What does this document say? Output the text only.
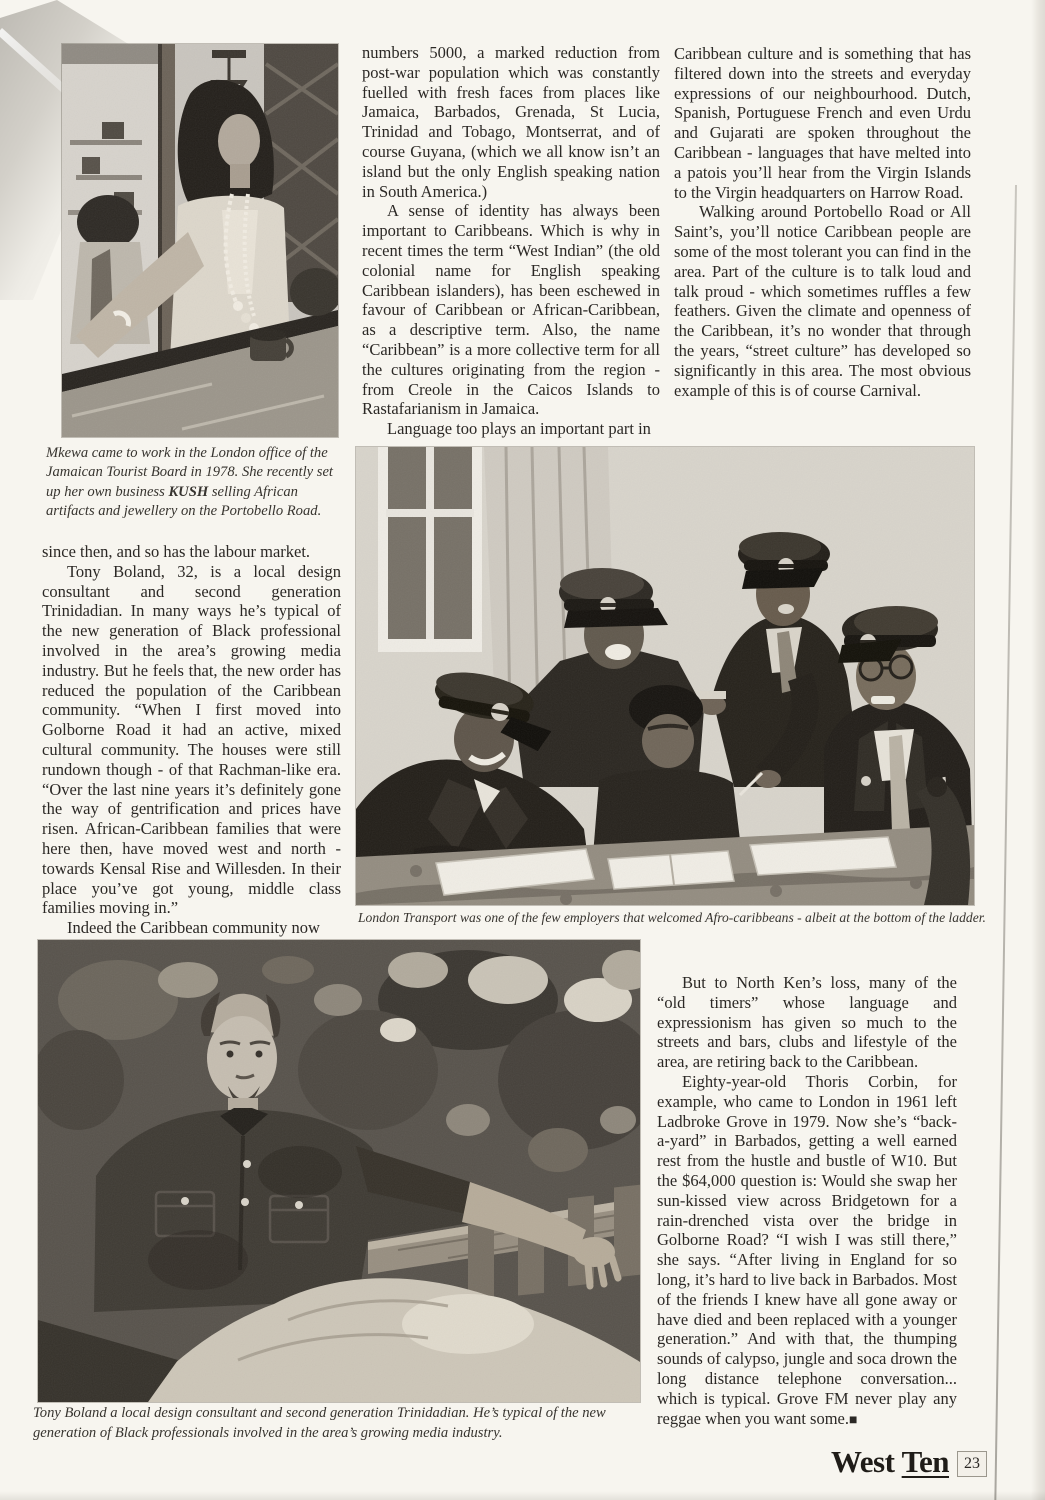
Mkewa came to work in the London office of the Jamaican Tourist Board in 1978. She recently set up her own business KUSH selling African artifacts and jewellery on the Portobello Road.

numbers 5000, a marked reduction from post-war population which was constantly fuelled with fresh faces from places like Jamaica, Barbados, Grenada, St Lucia, Trinidad and Tobago, Montserrat, and of course Guyana, (which we all know isn’t an island but the only English speaking nation in South America.)

A sense of identity has always been important to Caribbeans. Which is why in recent times the term “West Indian” (the old colonial name for English speaking Caribbean islanders), has been eschewed in favour of Caribbean or African-Caribbean, as a descriptive term. Also, the name “Caribbean” is a more collective term for all the cultures originating from the region - from Creole in the Caicos Islands to Rastafarianism in Jamaica.

Language too plays an important part in

Caribbean culture and is something that has filtered down into the streets and everyday expressions of our neighbourhood. Dutch, Spanish, Portuguese French and even Urdu and Gujarati are spoken throughout the Caribbean - languages that have melted into a patois you’ll hear from the Virgin Islands to the Virgin headquarters on Harrow Road.

Walking around Portobello Road or All Saint’s, you’ll notice Caribbean people are some of the most tolerant you can find in the area. Part of the culture is to talk loud and talk proud - which sometimes ruffles a few feathers. Given the climate and openness of the Caribbean, it’s no wonder that through the years, “street culture” has developed so significantly in this area. The most obvious example of this is of course Carnival.

since then, and so has the labour market.

Tony Boland, 32, is a local design consultant and second generation Trinidadian. In many ways he’s typical of the new generation of Black professional involved in the area’s growing media industry. But he feels that, the new order has reduced the population of the Caribbean community. “When I first moved into Golborne Road it had an active, mixed cultural community. The houses were still rundown though - of that Rachman-like era. “Over the last nine years it’s definitely gone the way of gentrification and prices have risen. African-Caribbean families that were here then, have moved west and north - towards Kensal Rise and Willesden. In their place you’ve got young, middle class families moving in.”

Indeed the Caribbean community now

London Transport was one of the few employers that welcomed Afro-caribbeans - albeit at the bottom of the ladder.
Tony Boland a local design consultant and second generation Trinidadian. He’s typical of the new generation of Black professionals involved in the area’s growing media industry.

But to North Ken’s loss, many of the “old timers” whose language and expressionism has given so much to the streets and bars, clubs and lifestyle of the area, are retiring back to the Caribbean.

Eighty-year-old Thoris Corbin, for example, who came to London in 1961 left Ladbroke Grove in 1979. Now she’s “back-a-yard” in Barbados, getting a well earned rest from the hustle and bustle of W10. But the $64,000 question is: Would she swap her sun-kissed view across Bridgetown for a rain-drenched vista over the bridge in Golborne Road? “I wish I was still there,” she says. “After living in England for so long, it’s hard to live back in Barbados. Most of the friends I knew have all gone away or have died and been replaced with a younger generation.” And with that, the thumping sounds of calypso, jungle and soca drown the long distance telephone conversation... which is typical. Grove FM never play any reggae when you want some.■

West Ten 23
